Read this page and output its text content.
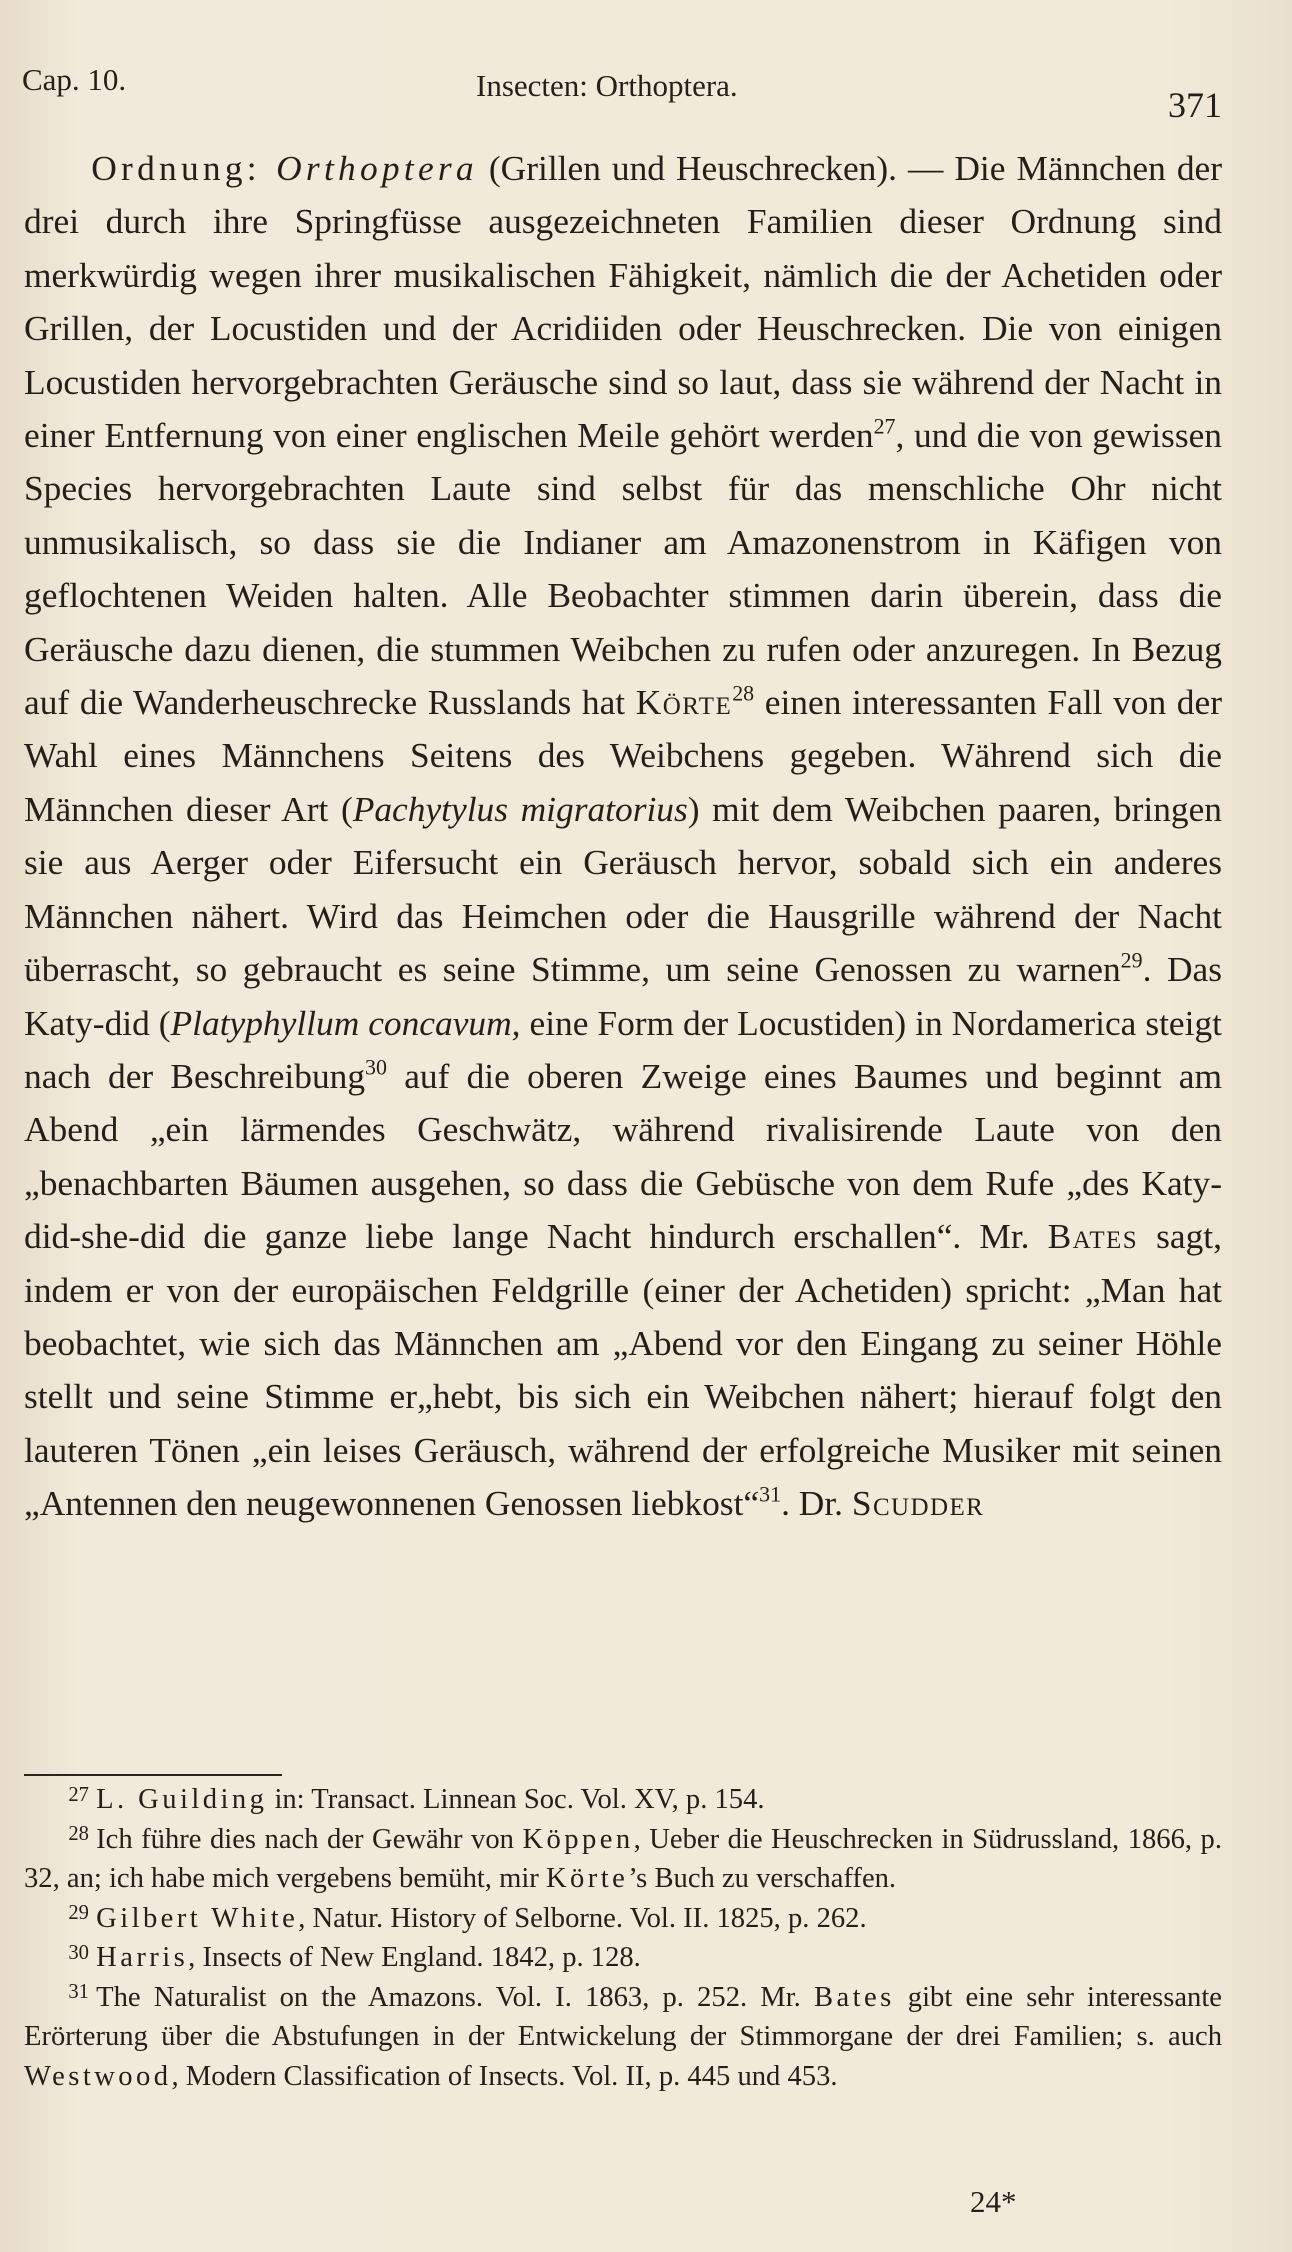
Cap. 10.	Insecten: Orthoptera.	371

Ordnung: Orthoptera (Grillen und Heuschrecken). — Die Männchen der drei durch ihre Springfüsse ausgezeichneten Familien dieser Ordnung sind merkwürdig wegen ihrer musikalischen Fähigkeit, nämlich die der Achetiden oder Grillen, der Locustiden und der Acridiiden oder Heuschrecken. Die von einigen Locustiden hervorgebrachten Geräusche sind so laut, dass sie während der Nacht in einer Entfernung von einer englischen Meile gehört werden$^{27}$, und die von gewissen Species hervorgebrachten Laute sind selbst für das menschliche Ohr nicht unmusikalisch, so dass sie die Indianer am Amazonenstrom in Käfigen von geflochtenen Weiden halten. Alle Beobachter stimmen darin überein, dass die Geräusche dazu dienen, die stummen Weibchen zu rufen oder anzuregen. In Bezug auf die Wanderheuschrecke Russlands hat Körte$^{28}$ einen interessanten Fall von der Wahl eines Männchens Seitens des Weibchens gegeben. Während sich die Männchen dieser Art (Pachytylus migratorius) mit dem Weibchen paaren, bringen sie aus Aerger oder Eifersucht ein Geräusch hervor, sobald sich ein anderes Männchen nähert. Wird das Heimchen oder die Hausgrille während der Nacht überrascht, so gebraucht es seine Stimme, um seine Genossen zu warnen$^{29}$. Das Katy-did (Platyphyllum concavum, eine Form der Locustiden) in Nordamerica steigt nach der Beschreibung$^{30}$ auf die oberen Zweige eines Baumes und beginnt am Abend „ein lärmendes Geschwätz, während rivalisirende Laute von den „benachbarten Bäumen ausgehen, so dass die Gebüsche von dem Rufe „des Katy-did-she-did die ganze liebe lange Nacht hindurch erschallen“. Mr. Bates sagt, indem er von der europäischen Feldgrille (einer der Achetiden) spricht: „Man hat beobachtet, wie sich das Männchen am „Abend vor den Eingang zu seiner Höhle stellt und seine Stimme er„hebt, bis sich ein Weibchen nähert; hierauf folgt den lauteren Tönen „ein leises Geräusch, während der erfolgreiche Musiker mit seinen „Antennen den neugewonnenen Genossen liebkost“$^{31}$. Dr. Scudder

$^{27}$ L. Guilding in: Transact. Linnean Soc. Vol. XV, p. 154.

$^{28}$ Ich führe dies nach der Gewähr von Köppen, Ueber die Heuschrecken in Südrussland, 1866, p. 32, an; ich habe mich vergebens bemüht, mir Körte’s Buch zu verschaffen.

$^{29}$ Gilbert White, Natur. History of Selborne. Vol. II. 1825, p. 262.

$^{30}$ Harris, Insects of New England. 1842, p. 128.

$^{31}$ The Naturalist on the Amazons. Vol. I. 1863, p. 252. Mr. Bates gibt eine sehr interessante Erörterung über die Abstufungen in der Entwickelung der Stimmorgane der drei Familien; s. auch Westwood, Modern Classification of Insects. Vol. II, p. 445 und 453.

24*
